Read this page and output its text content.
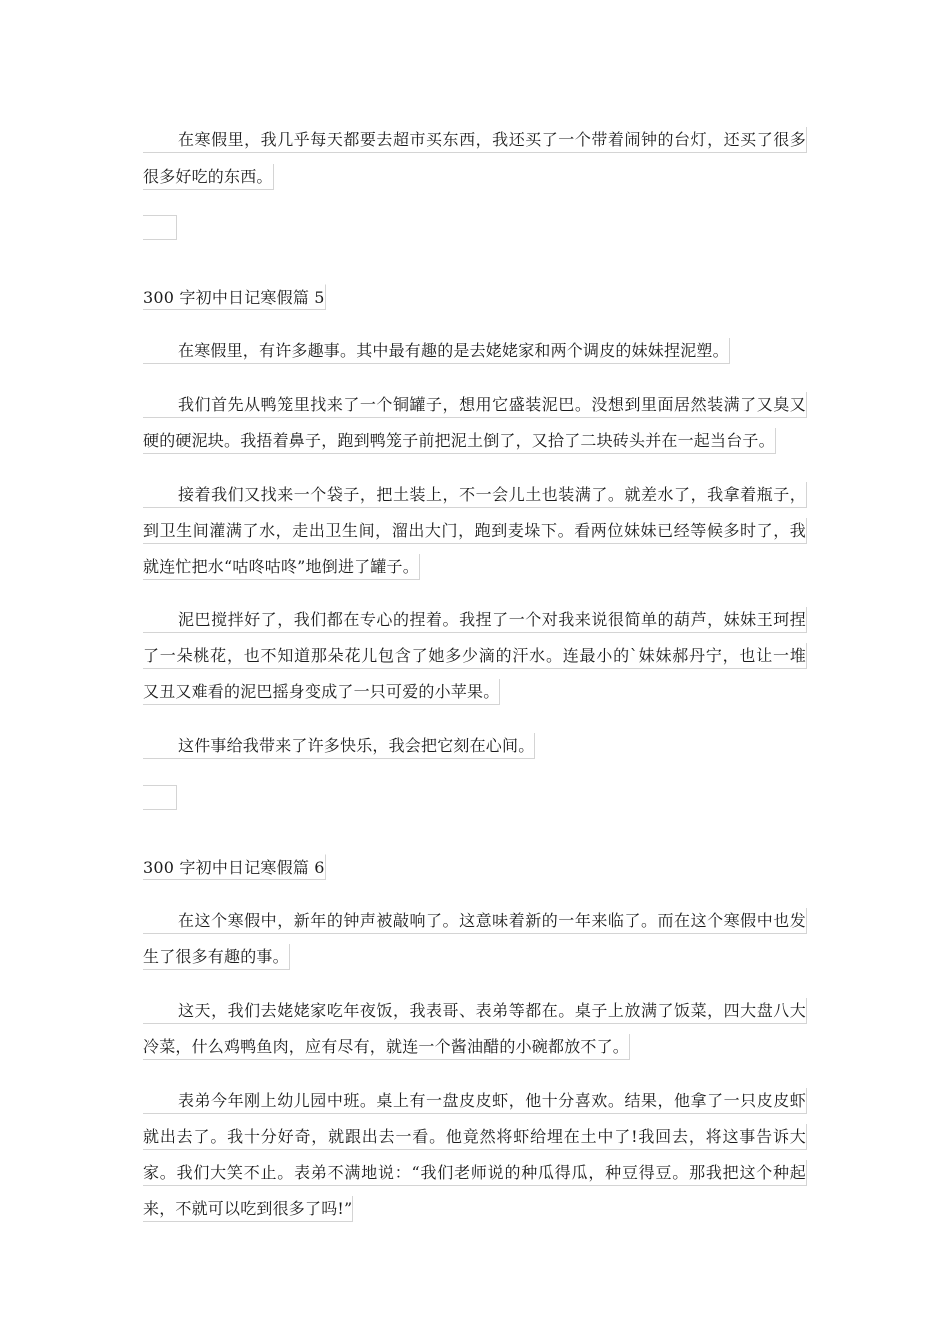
在寒假里，我几乎每天都要去超市买东西，我还买了一个带着闹钟的台灯，还买了很多
很多好吃的东西。
300 字初中日记寒假篇 5
在寒假里，有许多趣事。其中最有趣的是去姥姥家和两个调皮的妹妹捏泥塑。
我们首先从鸭笼里找来了一个铜罐子，想用它盛装泥巴。没想到里面居然装满了又臭又
硬的硬泥块。我捂着鼻子，跑到鸭笼子前把泥土倒了，又拾了二块砖头并在一起当台子。
接着我们又找来一个袋子，把土装上，不一会儿土也装满了。就差水了，我拿着瓶子，
到卫生间灌满了水，走出卫生间，溜出大门，跑到麦垛下。看两位妹妹已经等候多时了，我
就连忙把水“咕咚咕咚”地倒进了罐子。
泥巴搅拌好了，我们都在专心的捏着。我捏了一个对我来说很简单的葫芦，妹妹王珂捏
了一朵桃花，也不知道那朵花儿包含了她多少滴的汗水。连最小的`妹妹郝丹宁，也让一堆
又丑又难看的泥巴摇身变成了一只可爱的小苹果。
这件事给我带来了许多快乐，我会把它刻在心间。
300 字初中日记寒假篇 6
在这个寒假中，新年的钟声被敲响了。这意味着新的一年来临了。而在这个寒假中也发
生了很多有趣的事。
这天，我们去姥姥家吃年夜饭，我表哥、表弟等都在。桌子上放满了饭菜，四大盘八大
冷菜，什么鸡鸭鱼肉，应有尽有，就连一个酱油醋的小碗都放不了。
表弟今年刚上幼儿园中班。桌上有一盘皮皮虾，他十分喜欢。结果，他拿了一只皮皮虾
就出去了。我十分好奇，就跟出去一看。他竟然将虾给埋在土中了!我回去，将这事告诉大
家。我们大笑不止。表弟不满地说：“我们老师说的种瓜得瓜，种豆得豆。那我把这个种起
来，不就可以吃到很多了吗!”
